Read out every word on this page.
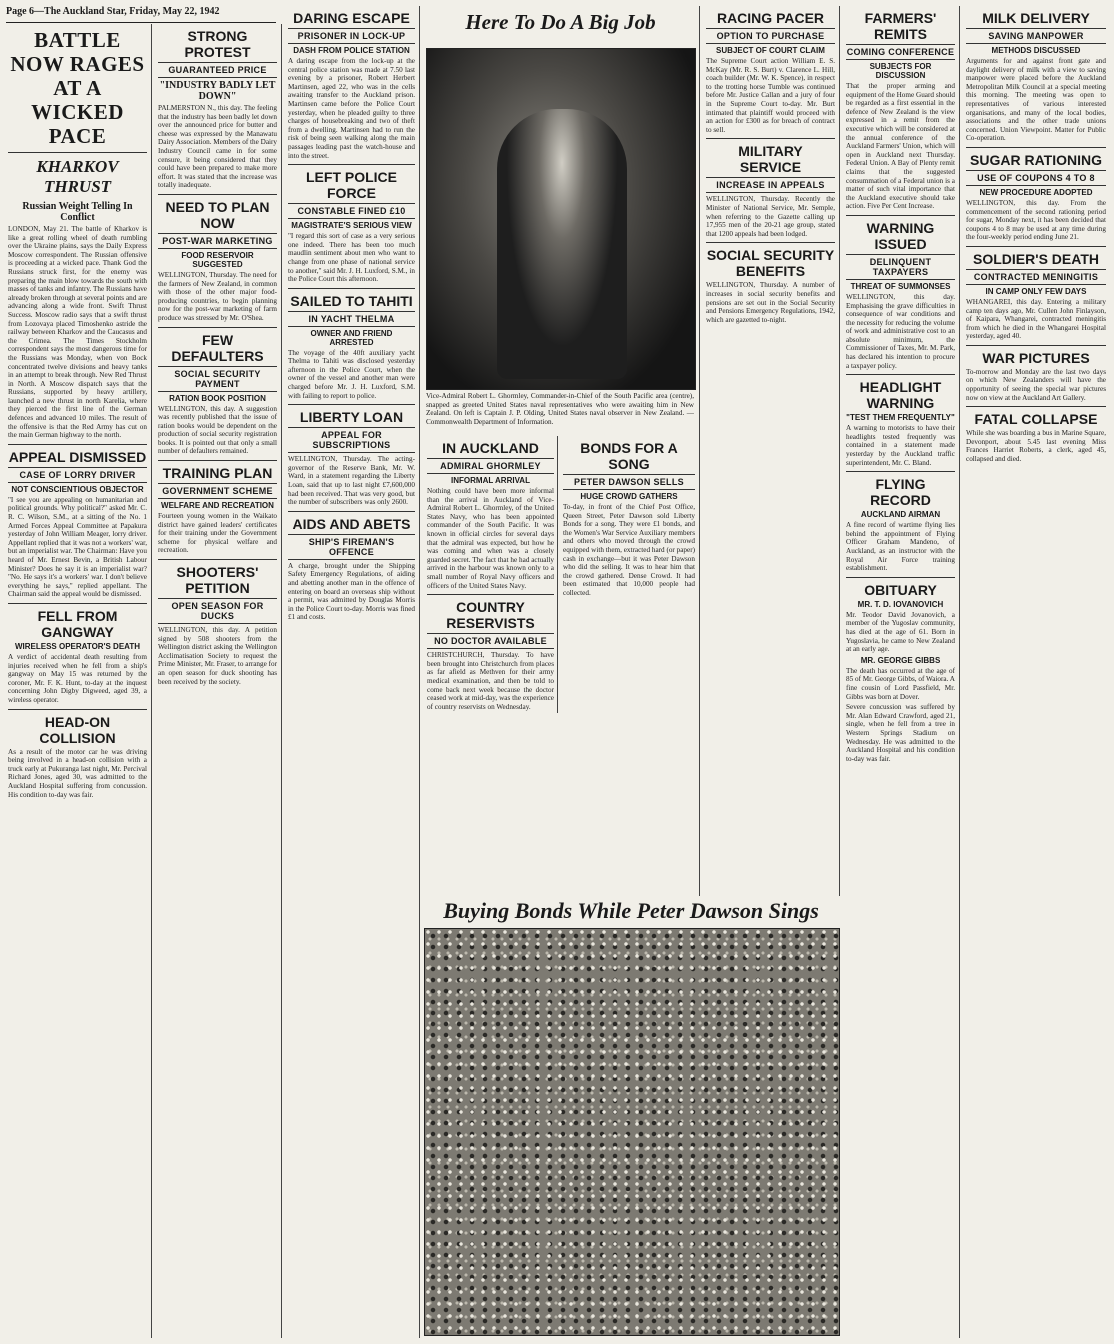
Page 6—The Auckland Star, Friday, May 22, 1942
BATTLE NOW RAGES AT A WICKED PACE
KHARKOV THRUST
Russian Weight Telling In Conflict
LONDON, May 21. The battle of Kharkov is like a great rolling wheel of death rumbling over the Ukraine plains, says the Daily Express Moscow correspondent. The Russian offensive is proceeding at a wicked pace. Thank God the Russians struck first, for the enemy was preparing the main blow towards the south with masses of tanks and infantry. The Russians have already broken through at several points and are advancing along a wide front. Swift Thrust Success. Moscow radio says that a swift thrust from Lozovaya placed Timoshenko astride the railway between Kharkov and the Caucasus and the Crimea. The Times Stockholm correspondent says the most dangerous time for the Russians was Monday, when von Bock concentrated twelve divisions and heavy tanks in an attempt to break through. New Red Thrust in North. A Moscow dispatch says that the Russians, supported by heavy artillery, launched a new thrust in north Karelia, where they pierced the first line of the German defences and advanced 10 miles. The result of the offensive is that the Red Army has cut on the main German highway to the north.
APPEAL DISMISSED
CASE OF LORRY DRIVER
NOT CONSCIENTIOUS OBJECTOR
"I see you are appealing on humanitarian and political grounds. Why political?" asked Mr. C. R. C. Wilson, S.M., at a sitting of the No. 1 Armed Forces Appeal Committee at Papakura yesterday of John William Meager, lorry driver. Appellant replied that it was not a workers' war, but an imperialist war. The Chairman: Have you heard of Mr. Ernest Bevin, a British Labour Minister? Does he say it is an imperialist war? "No. He says it's a workers' war. I don't believe everything he says," replied appellant. The Chairman said the appeal would be dismissed.
FELL FROM GANGWAY
WIRELESS OPERATOR'S DEATH
A verdict of accidental death resulting from injuries received when he fell from a ship's gangway on May 15 was returned by the coroner, Mr. F. K. Hunt, to-day at the inquest concerning John Digby Digweed, aged 39, a wireless operator.
HEAD-ON COLLISION
As a result of the motor car he was driving being involved in a head-on collision with a truck early at Pukuranga last night, Mr. Percival Richard Jones, aged 30, was admitted to the Auckland Hospital suffering from concussion. His condition to-day was fair.
STRONG PROTEST
GUARANTEED PRICE
"INDUSTRY BADLY LET DOWN"
PALMERSTON N., this day. The feeling that the industry has been badly let down over the announced price for butter and cheese was expressed by the Manawatu Dairy Association. Members of the Dairy Industry Council came in for some censure, it being considered that they could have been prepared to make more effort. It was stated that the increase was totally inadequate.
NEED TO PLAN NOW
POST-WAR MARKETING
FOOD RESERVOIR SUGGESTED
WELLINGTON, Thursday. The need for the farmers of New Zealand, in common with those of the other major food-producing countries, to begin planning now for the post-war marketing of farm produce was stressed by Mr. O'Shea.
FEW DEFAULTERS
SOCIAL SECURITY PAYMENT
RATION BOOK POSITION
WELLINGTON, this day. A suggestion was recently published that the issue of ration books would be dependent on the production of social security registration books. It is pointed out that only a small number of defaulters remained.
TRAINING PLAN
GOVERNMENT SCHEME
WELFARE AND RECREATION
Fourteen young women in the Waikato district have gained leaders' certificates for their training under the Government scheme for physical welfare and recreation.
SHOOTERS' PETITION
OPEN SEASON FOR DUCKS
WELLINGTON, this day. A petition signed by 508 shooters from the Wellington district asking the Wellington Acclimatisation Society to request the Prime Minister, Mr. Fraser, to arrange for an open season for duck shooting has been received by the society.
DARING ESCAPE
PRISONER IN LOCK-UP
DASH FROM POLICE STATION
A daring escape from the lock-up at the central police station was made at 7.50 last evening by a prisoner, Robert Herbert Martinsen, aged 22, who was in the cells awaiting transfer to the Auckland prison. Martinsen came before the Police Court yesterday, when he pleaded guilty to three charges of housebreaking and two of theft from a dwelling. Martinsen had to run the risk of being seen walking along the main passages leading past the watch-house and into the street.
LEFT POLICE FORCE
CONSTABLE FINED £10
MAGISTRATE'S SERIOUS VIEW
"I regard this sort of case as a very serious one indeed. There has been too much maudlin sentiment about men who want to change from one phase of national service to another," said Mr. J. H. Luxford, S.M., in the Police Court this afternoon.
SAILED TO TAHITI
IN YACHT THELMA
OWNER AND FRIEND ARRESTED
The voyage of the 40ft auxiliary yacht Thelma to Tahiti was disclosed yesterday afternoon in the Police Court, when the owner of the vessel and another man were charged before Mr. J. H. Luxford, S.M. with failing to report to police.
LIBERTY LOAN
APPEAL FOR SUBSCRIPTIONS
WELLINGTON, Thursday. The acting-governor of the Reserve Bank, Mr. W. Ward, in a statement regarding the Liberty Loan, said that up to last night £7,600,000 had been received. That was very good, but the number of subscribers was only 2600.
AIDS AND ABETS
SHIP'S FIREMAN'S OFFENCE
A charge, brought under the Shipping Safety Emergency Regulations, of aiding and abetting another man in the offence of entering on board an overseas ship without a permit, was admitted by Douglas Morris in the Police Court to-day. Morris was fined £1 and costs.
Here To Do A Big Job
Vice-Admiral Robert L. Ghormley, Commander-in-Chief of the South Pacific area (centre), snapped as greeted United States naval representatives who were awaiting him in New Zealand. On left is Captain J. P. Olding, United States naval observer in New Zealand. —Commonwealth Department of Information.
IN AUCKLAND
ADMIRAL GHORMLEY
INFORMAL ARRIVAL
Nothing could have been more informal than the arrival in Auckland of Vice-Admiral Robert L. Ghormley, of the United States Navy, who has been appointed commander of the South Pacific. It was known in official circles for several days that the admiral was expected, but how he was coming and when was a closely guarded secret. The fact that he had actually arrived in the harbour was known only to a small number of Royal Navy officers and officers of the United States Navy.
COUNTRY RESERVISTS
NO DOCTOR AVAILABLE
CHRISTCHURCH, Thursday. To have been brought into Christchurch from places as far afield as Methven for their army medical examination, and then be told to come back next week because the doctor ceased work at mid-day, was the experience of country reservists on Wednesday.
BONDS FOR A SONG
PETER DAWSON SELLS
HUGE CROWD GATHERS
To-day, in front of the Chief Post Office, Queen Street, Peter Dawson sold Liberty Bonds for a song. They were £1 bonds, and the Women's War Service Auxiliary members and others who moved through the crowd equipped with them, extracted hard (or paper) cash in exchange—but it was Peter Dawson who did the selling. It was to hear him that the crowd gathered. Dense Crowd. It had been estimated that 10,000 people had collected.
RACING PACER
OPTION TO PURCHASE
SUBJECT OF COURT CLAIM
The Supreme Court action William E. S. McKay (Mr. R. S. Burt) v. Clarence L. Hill, coach builder (Mr. W. K. Spence), in respect to the trotting horse Tumble was continued before Mr. Justice Callan and a jury of four in the Supreme Court to-day. Mr. Burt intimated that plaintiff would proceed with an action for £300 as for breach of contract to sell.
MILITARY SERVICE
INCREASE IN APPEALS
WELLINGTON, Thursday. Recently the Minister of National Service, Mr. Semple, when referring to the Gazette calling up 17,955 men of the 20-21 age group, stated that 1200 appeals had been lodged.
SOCIAL SECURITY BENEFITS
WELLINGTON, Thursday. A number of increases in social security benefits and pensions are set out in the Social Security and Pensions Emergency Regulations, 1942, which are gazetted to-night.
FARMERS' REMITS
COMING CONFERENCE
SUBJECTS FOR DISCUSSION
That the proper arming and equipment of the Home Guard should be regarded as a first essential in the defence of New Zealand is the view expressed in a remit from the executive which will be considered at the annual conference of the Auckland Farmers' Union, which will open in Auckland next Thursday. Federal Union. A Bay of Plenty remit claims that the suggested consummation of a Federal union is a matter of such vital importance that the Auckland executive should take action. Five Per Cent Increase.
WARNING ISSUED
DELINQUENT TAXPAYERS
THREAT OF SUMMONSES
WELLINGTON, this day. Emphasising the grave difficulties in consequence of war conditions and the necessity for reducing the volume of work and administrative cost to an absolute minimum, the Commissioner of Taxes, Mr. M. Park, has declared his intention to procure a taxpayer policy.
HEADLIGHT WARNING
"TEST THEM FREQUENTLY"
A warning to motorists to have their headlights tested frequently was contained in a statement made yesterday by the Auckland traffic superintendent, Mr. C. Bland.
FLYING RECORD
AUCKLAND AIRMAN
A fine record of wartime flying lies behind the appointment of Flying Officer Graham Mandeno, of Auckland, as an instructor with the Royal Air Force training establishment.
OBITUARY
MR. T. D. IOVANOVICH
Mr. Teodor David Jovanovich, a member of the Yugoslav community, has died at the age of 61. Born in Yugoslavia, he came to New Zealand at an early age.
MR. GEORGE GIBBS
The death has occurred at the age of 85 of Mr. George Gibbs, of Waiora. A fine cousin of Lord Passfield, Mr. Gibbs was born at Dover.
Severe concussion was suffered by Mr. Alan Edward Crawford, aged 21, single, when he fell from a tree in Western Springs Stadium on Wednesday. He was admitted to the Auckland Hospital and his condition to-day was fair.
MILK DELIVERY
SAVING MANPOWER
METHODS DISCUSSED
Arguments for and against front gate and daylight delivery of milk with a view to saving manpower were placed before the Auckland Metropolitan Milk Council at a special meeting this morning. The meeting was open to representatives of various interested organisations, and many of the local bodies, associations and the other trade unions concerned. Union Viewpoint. Matter for Public Co-operation.
SUGAR RATIONING
USE OF COUPONS 4 TO 8
NEW PROCEDURE ADOPTED
WELLINGTON, this day. From the commencement of the second rationing period for sugar, Monday next, it has been decided that coupons 4 to 8 may be used at any time during the four-weekly period ending June 21.
SOLDIER'S DEATH
CONTRACTED MENINGITIS
IN CAMP ONLY FEW DAYS
WHANGAREI, this day. Entering a military camp ten days ago, Mr. Cullen John Finlayson, of Kaipara, Whangarei, contracted meningitis from which he died in the Whangarei Hospital yesterday, aged 40.
WAR PICTURES
To-morrow and Monday are the last two days on which New Zealanders will have the opportunity of seeing the special war pictures now on view at the Auckland Art Gallery.
FATAL COLLAPSE
While she was boarding a bus in Marine Square, Devonport, about 5.45 last evening Miss Frances Harriet Roberts, a clerk, aged 45, collapsed and died.
Buying Bonds While Peter Dawson Sings
